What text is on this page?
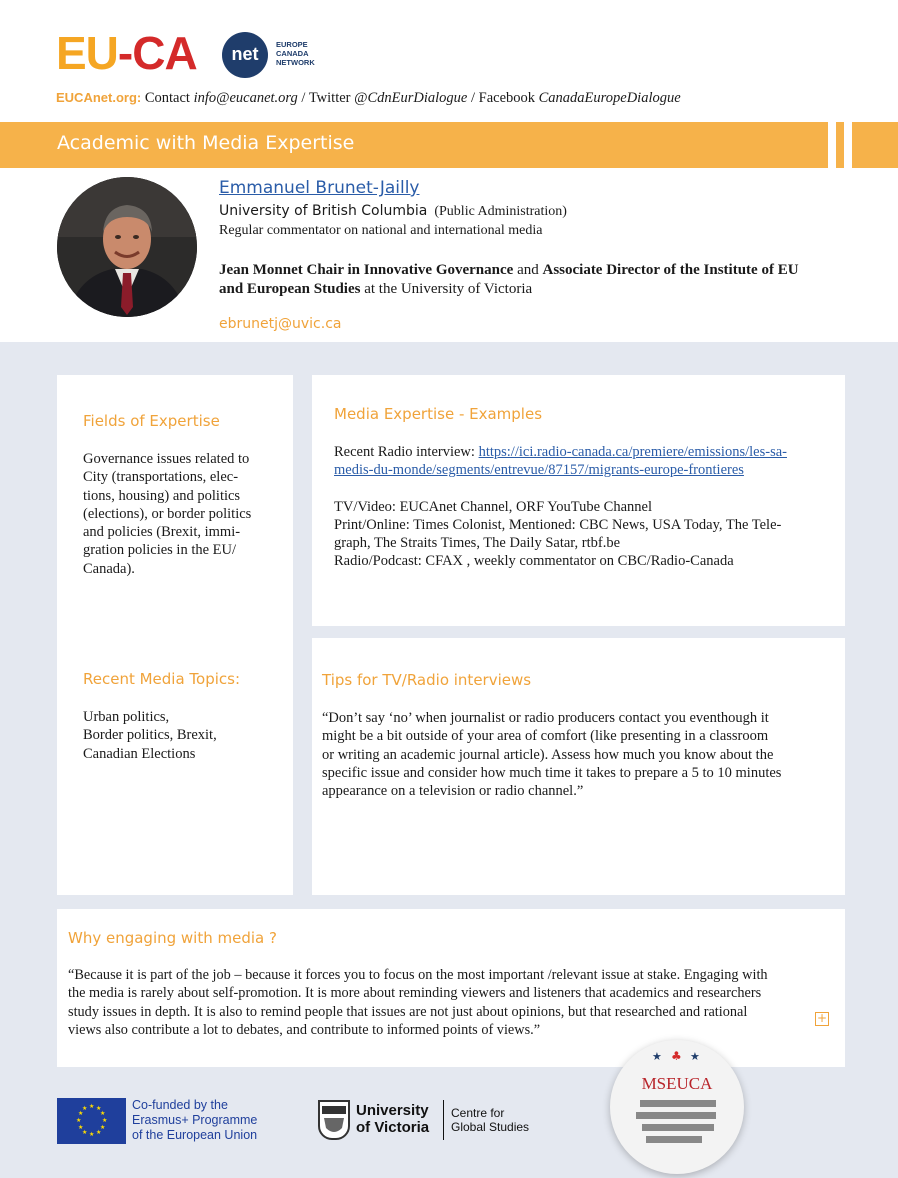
EU-CA	net	EUROPE
CANADA
NETWORK
EUCAnet.org: Contact info@eucanet.org / Twitter @CdnEurDialogue / Facebook CanadaEuropeDialogue
Academic with Media Expertise
Emmanuel Brunet-Jailly
University of British Columbia (Public Administration)
Regular commentator on national and international media
Jean Monnet Chair in Innovative Governance and Associate Director of the Institute of EU and European Studies at the University of Victoria
ebrunetj@uvic.ca
Fields of Expertise
Governance issues related to
City (transportations, elec-
tions, housing) and politics
(elections), or border politics
and policies (Brexit, immi-
gration policies in the EU/
Canada).
Recent Media Topics:
Urban politics,
Border politics, Brexit,
Canadian Elections
Media Expertise - Examples
Recent Radio interview: https://ici.radio-canada.ca/premiere/emissions/les-sa-
medis-du-monde/segments/entrevue/87157/migrants-europe-frontieres
TV/Video: EUCAnet Channel, ORF YouTube Channel
Print/Online: Times Colonist, Mentioned: CBC News, USA Today, The Tele-
graph, The Straits Times, The Daily Satar, rtbf.be
Radio/Podcast: CFAX , weekly commentator on CBC/Radio-Canada
Tips for TV/Radio interviews
“Don’t say ‘no’ when journalist or radio producers contact you eventhough it
might be a bit outside of your area of comfort (like presenting in a classroom
or writing an academic journal article). Assess how much you know about the
specific issue and consider how much time it takes to prepare a 5 to 10 minutes
appearance on a television or radio channel.”
Why engaging with media ?
“Because it is part of the job – because it forces you to focus on the most important /relevant issue at stake. Engaging with
the media is rarely about self-promotion. It is more about reminding viewers and listeners that academics and researchers
study issues in depth. It is also to remind people that issues are not just about opinions, but that researched and rational
views also contribute a lot to debates, and contribute to informed points of views.”
+
★ ★
★
★
★
★
★
★
★
★
★
★	Co-funded by the
Erasmus+ Programme
of the European Union
University
of Victoria
Centre for
Global Studies
★ ♣ ★
MSEUCA
